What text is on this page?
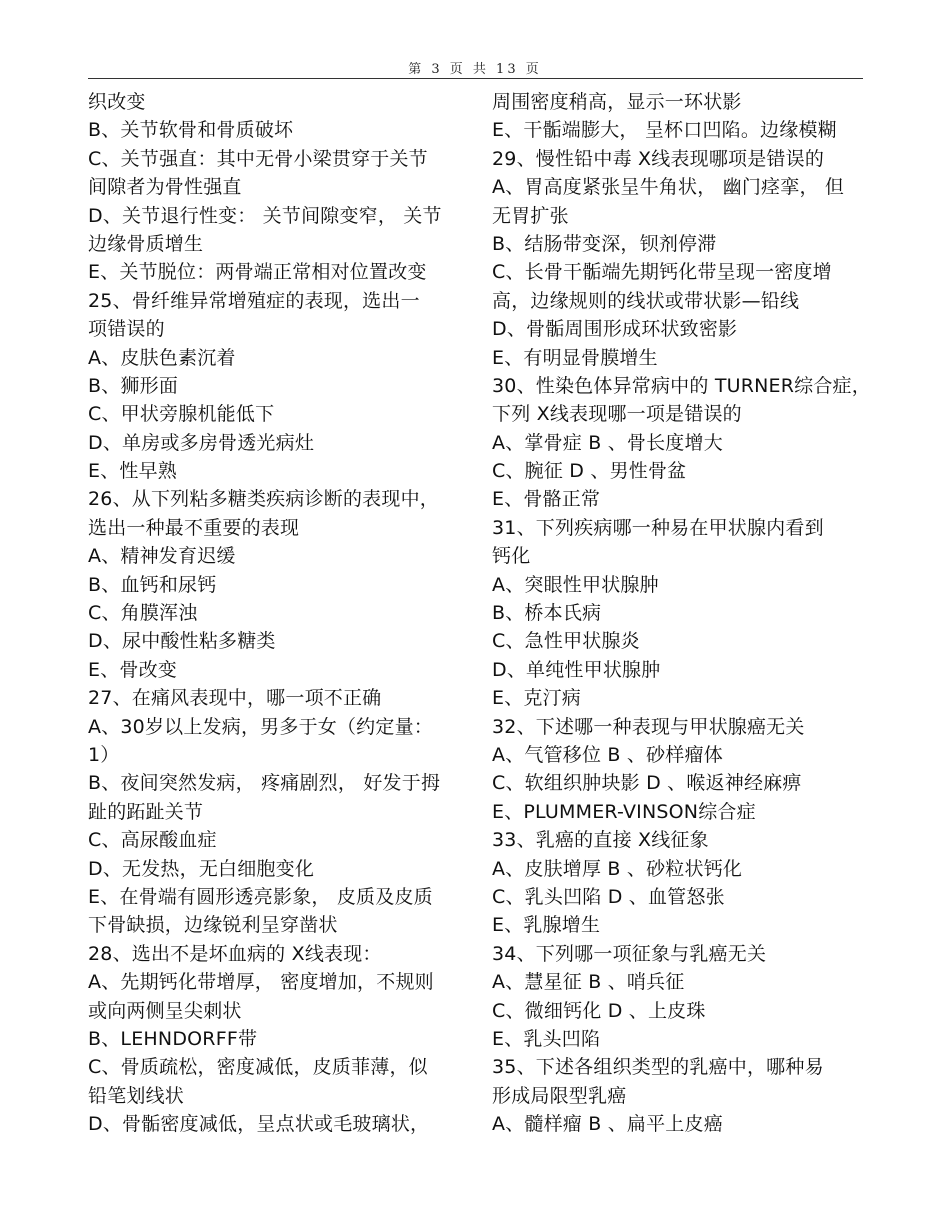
第 3 页 共 13 页
织改变
B、关节软骨和骨质破坏
C、关节强直：其中无骨小梁贯穿于关节
间隙者为骨性强直
D、关节退行性变： 关节间隙变窄， 关节
边缘骨质增生
E、关节脱位：两骨端正常相对位置改变
25、骨纤维异常增殖症的表现，选出一
项错误的
A、皮肤色素沉着
B、狮形面
C、甲状旁腺机能低下
D、单房或多房骨透光病灶
E、性早熟
26、从下列粘多糖类疾病诊断的表现中，
选出一种最不重要的表现
A、精神发育迟缓
B、血钙和尿钙
C、角膜浑浊
D、尿中酸性粘多糖类
E、骨改变
27、在痛风表现中，哪一项不正确
A、30岁以上发病，男多于女（约定量：
1）
B、夜间突然发病， 疼痛剧烈， 好发于拇
趾的跖趾关节
C、高尿酸血症
D、无发热，无白细胞变化
E、在骨端有圆形透亮影象， 皮质及皮质
下骨缺损，边缘锐利呈穿凿状
28、选出不是坏血病的 X线表现：
A、先期钙化带增厚， 密度增加，不规则
或向两侧呈尖刺状
B、LEHNDORFF带
C、骨质疏松，密度减低，皮质菲薄，似
铅笔划线状
D、骨骺密度减低，呈点状或毛玻璃状，
周围密度稍高，显示一环状影
E、干骺端膨大， 呈杯口凹陷。边缘模糊
29、慢性铅中毒 X线表现哪项是错误的
A、胃高度紧张呈牛角状， 幽门痉挛， 但
无胃扩张
B、结肠带变深，钡剂停滞
C、长骨干骺端先期钙化带呈现一密度增
高，边缘规则的线状或带状影—铅线
D、骨骺周围形成环状致密影
E、有明显骨膜增生
30、性染色体异常病中的 TURNER综合症，
下列 X线表现哪一项是错误的
A、掌骨症 B 、骨长度增大
C、腕征 D 、男性骨盆
E、骨骼正常
31、下列疾病哪一种易在甲状腺内看到
钙化
A、突眼性甲状腺肿
B、桥本氏病
C、急性甲状腺炎
D、单纯性甲状腺肿
E、克汀病
32、下述哪一种表现与甲状腺癌无关
A、气管移位 B 、砂样瘤体
C、软组织肿块影 D 、喉返神经麻痹
E、PLUMMER-VINSON综合症
33、乳癌的直接 X线征象
A、皮肤增厚 B 、砂粒状钙化
C、乳头凹陷 D 、血管怒张
E、乳腺增生
34、下列哪一项征象与乳癌无关
A、慧星征 B 、哨兵征
C、微细钙化 D 、上皮珠
E、乳头凹陷
35、下述各组织类型的乳癌中，哪种易
形成局限型乳癌
A、髓样瘤 B 、扁平上皮癌
